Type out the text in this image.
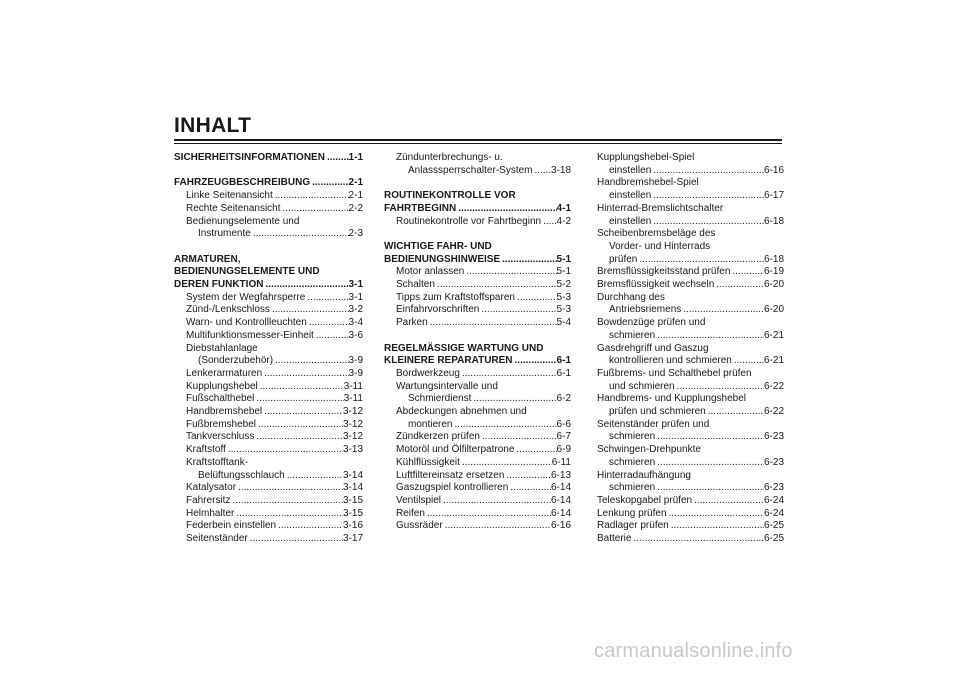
INHALT
SICHERHEITSINFORMATIONEN ..... 1-1
FAHRZEUGBESCHREIBUNG .....	2-1
Linke Seitenansicht .....	2-1
Rechte Seitenansicht .....	2-2
Bedienungselemente und
Instrumente .....	2-3
ARMATUREN,
BEDIENUNGSELEMENTE UND
DEREN FUNKTION .....	3-1
System der Wegfahrsperre .....	3-1
Zünd-/Lenkschloss .....	3-2
Warn- und Kontrollleuchten .....	3-4
Multifunktionsmesser-Einheit .....	3-6
Diebstahlanlage
(Sonderzubehör) .....	3-9
Lenkerarmaturen .....	3-9
Kupplungshebel .....	3-11
Fußschalthebel .....	3-11
Handbremshebel .....	3-12
Fußbremshebel .....	3-12
Tankverschluss .....	3-12
Kraftstoff .....	3-13
Kraftstofftank-
Belüftungsschlauch .....	3-14
Katalysator .....	3-14
Fahrersitz .....	3-15
Helmhalter .....	3-15
Federbein einstellen .....	3-16
Seitenständer .....	3-17
Zündunterbrechungs- u.
Anlasssperrschalter-System ..... 3-18
ROUTINEKONTROLLE VOR
FAHRTBEGINN .....	4-1
Routinekontrolle vor Fahrtbeginn ..... 4-2
WICHTIGE FAHR- UND
BEDIENUNGSHINWEISE .....	5-1
Motor anlassen .....	5-1
Schalten .....	5-2
Tipps zum Kraftstoffsparen .....	5-3
Einfahrvorschriften .....	5-3
Parken .....	5-4
REGELMÄSSIGE WARTUNG UND
KLEINERE REPARATUREN .....	6-1
Bordwerkzeug .....	6-1
Wartungsintervalle und
Schmierdienst .....	6-2
Abdeckungen abnehmen und
montieren .....	6-6
Zündkerzen prüfen .....	6-7
Motoröl und Ölfilterpatrone .....	6-9
Kühlflüssigkeit .....	6-11
Luftfiltereinsatz ersetzen .....	6-13
Gaszugspiel kontrollieren .....	6-14
Ventilspiel .....	6-14
Reifen .....	6-14
Gussräder .....	6-16
Kupplungshebel-Spiel
einstellen .....	6-16
Handbremshebel-Spiel
einstellen .....	6-17
Hinterrad-Bremslichtschalter
einstellen .....	6-18
Scheibenbremsbeläge des
Vorder- und Hinterrads
prüfen .....	6-18
Bremsflüssigkeitsstand prüfen .....	6-19
Bremsflüssigkeit wechseln .....	6-20
Durchhang des
Antriebsriemens .....	6-20
Bowdenzüge prüfen und
schmieren .....	6-21
Gasdrehgriff und Gaszug
kontrollieren und schmieren .....	6-21
Fußbrems- und Schalthebel prüfen
und schmieren .....	6-22
Handbrems- und Kupplungshebel
prüfen und schmieren .....	6-22
Seitenständer prüfen und
schmieren .....	6-23
Schwingen-Drehpunkte
schmieren .....	6-23
Hinterradaufhängung
schmieren .....	6-23
Teleskopgabel prüfen .....	6-24
Lenkung prüfen .....	6-24
Radlager prüfen .....	6-25
Batterie .....	6-25
carmanualsonline.info
